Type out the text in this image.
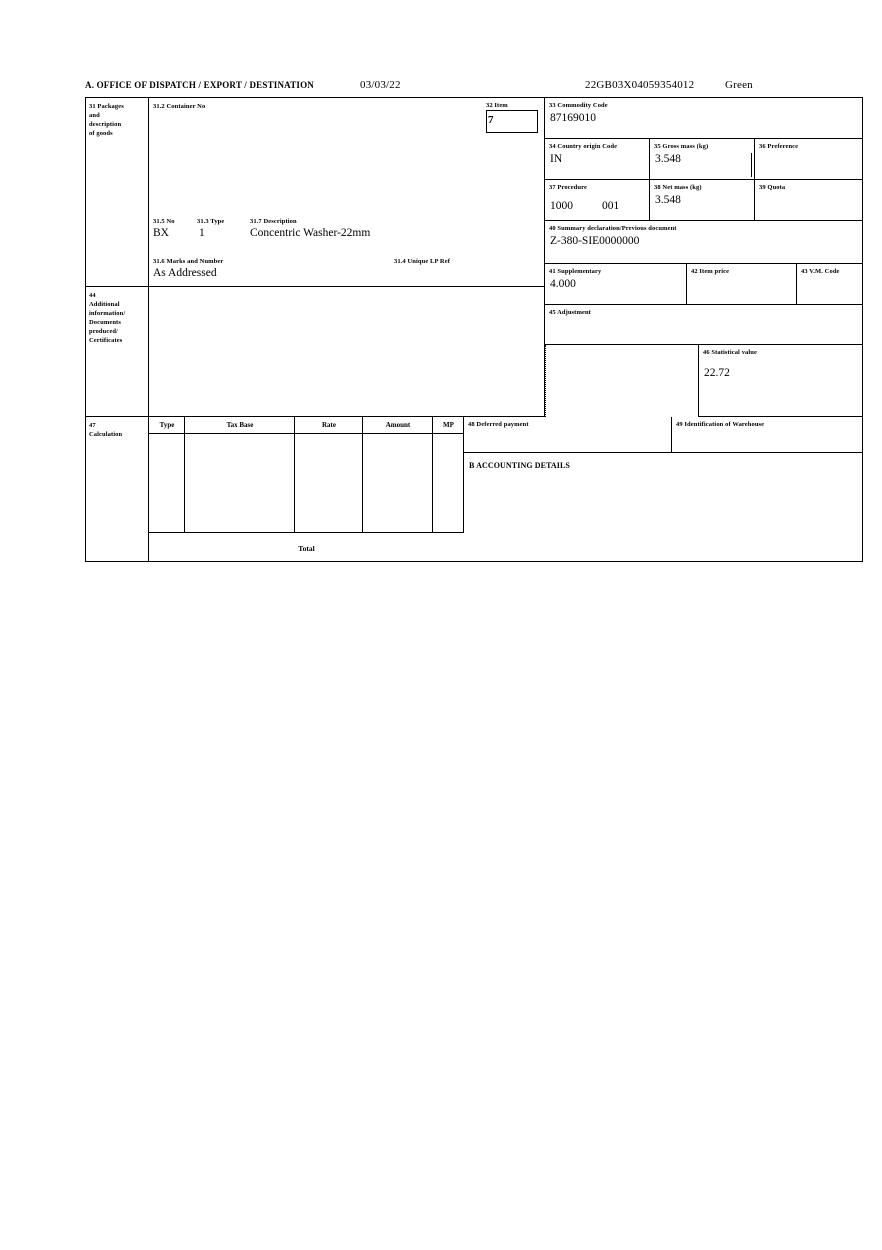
A. OFFICE OF DISPATCH / EXPORT / DESTINATION	03/03/22	22GB03X04059354012	Green
31 Packages
and
description
of goods
31.2 Container No
31.5 No	31.3 Type	31.7 Description
BX	1	Concentric Washer-22mm
31.6 Marks and Number	31.4 Unique LP Ref
As Addressed
32 Item
7
33 Commodity Code
87169010
34 Country origin Code
IN
35 Gross mass (kg)
3.548
36 Preference
37 Procedure
1000	001
38 Net mass (kg)
3.548
39 Quota
40 Summary declaration/Previous document
Z-380-SIE0000000
41 Supplementary
4.000
42 Item price	43 V.M. Code
44
Additional
information/
Documents
produced/
Certificates
45 Adjustment
46 Statistical value
22.72
47
Calculation
Type	Tax Base	Rate	Amount	MP
Total
48 Deferred payment	49 Identification of Warehouse
B ACCOUNTING DETAILS
